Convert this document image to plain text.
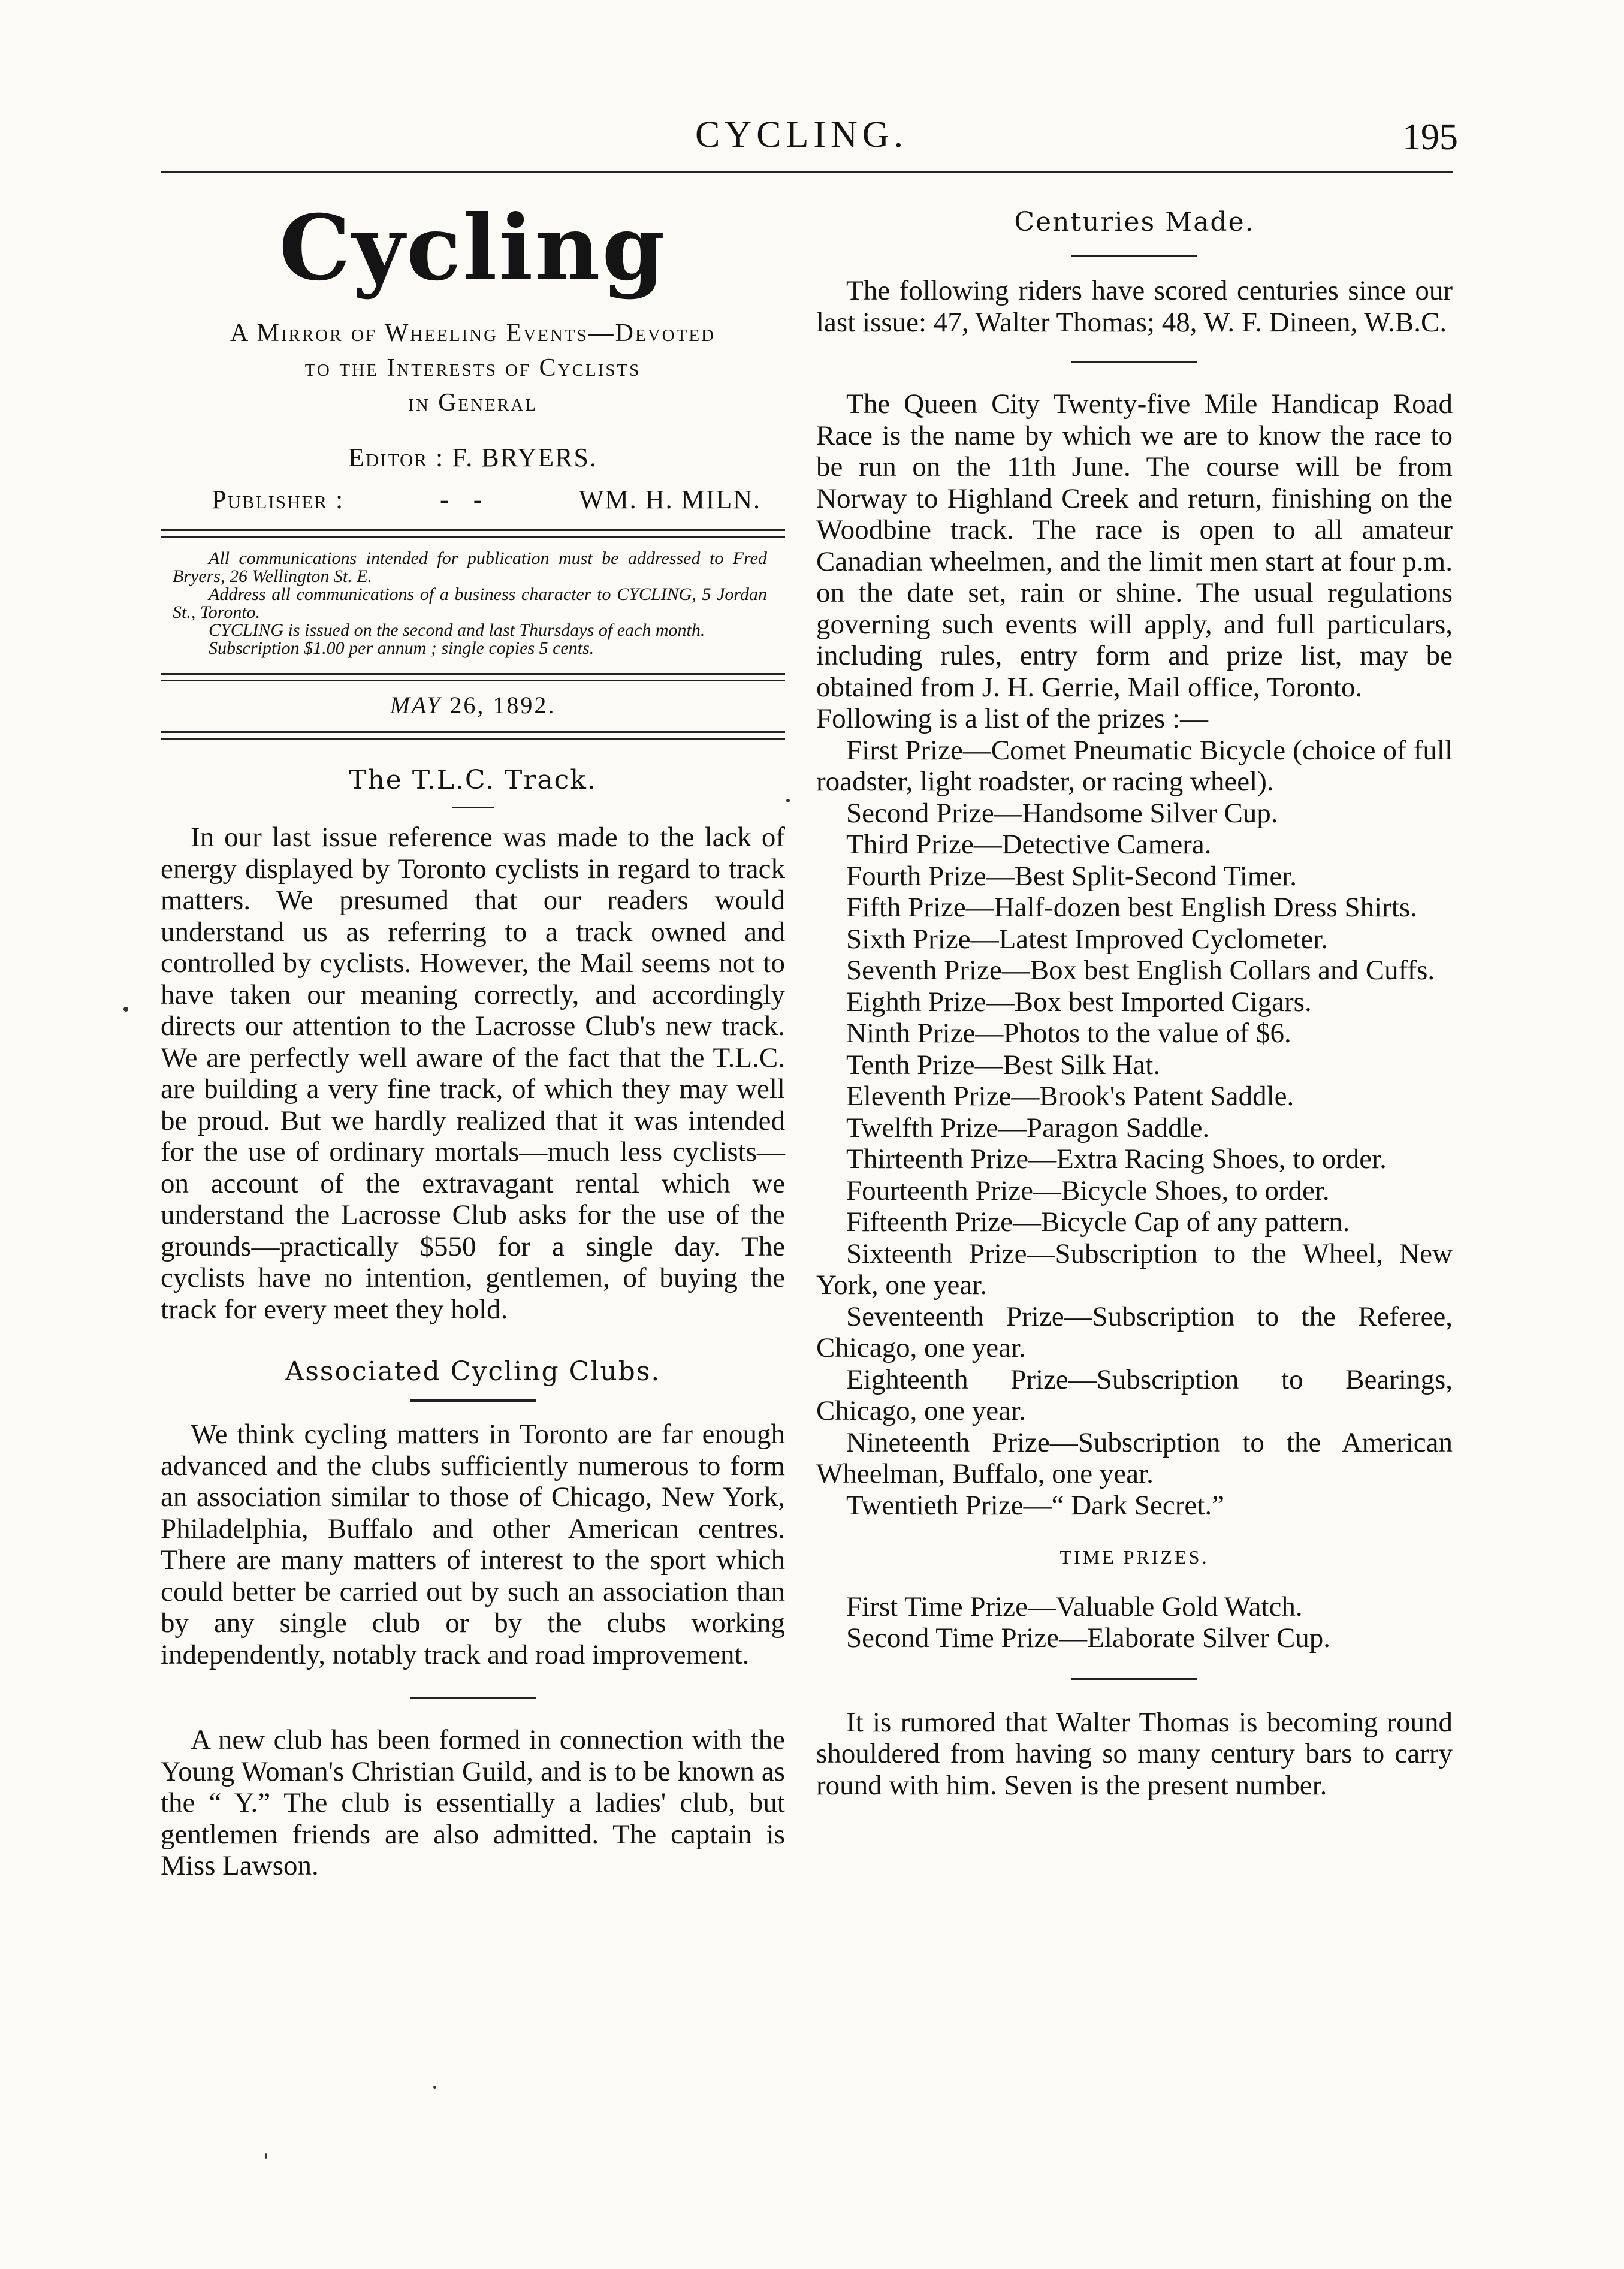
CYCLING.	195
Cycling
A Mirror of Wheeling Events—Devoted
to the Interests of Cyclists
in General
Editor : F. BRYERS.
Publisher :	-   -	WM. H. MILN.

All communications intended for publication must be addressed to Fred Bryers, 26 Wellington St. E.

Address all communications of a business character to CYCLING, 5 Jordan St., Toronto.

CYCLING is issued on the second and last Thursdays of each month.

Subscription $1.00 per annum ; single copies 5 cents.

MAY 26, 1892.
The T.L.C. Track.

In our last issue reference was made to the lack of energy displayed by Toronto cyclists in regard to track matters. We presumed that our readers would understand us as referring to a track owned and controlled by cyclists. However, the Mail seems not to have taken our meaning correctly, and accordingly directs our attention to the Lacrosse Club's new track. We are perfectly well aware of the fact that the T.L.C. are building a very fine track, of which they may well be proud. But we hardly realized that it was intended for the use of ordinary mortals—much less cyclists—on account of the extravagant rental which we understand the Lacrosse Club asks for the use of the grounds—practically $550 for a single day. The cyclists have no intention, gentlemen, of buying the track for every meet they hold.

Associated Cycling Clubs.

We think cycling matters in Toronto are far enough advanced and the clubs sufficiently numerous to form an association similar to those of Chicago, New York, Philadelphia, Buffalo and other American centres. There are many matters of interest to the sport which could better be carried out by such an association than by any single club or by the clubs working independently, notably track and road improvement.

A new club has been formed in connection with the Young Woman's Christian Guild, and is to be known as the “ Y.” The club is essentially a ladies' club, but gentlemen friends are also admitted. The captain is Miss Lawson.

Centuries Made.

The following riders have scored centuries since our last issue: 47, Walter Thomas; 48, W. F. Dineen, W.B.C.

The Queen City Twenty-five Mile Handicap Road Race is the name by which we are to know the race to be run on the 11th June. The course will be from Norway to Highland Creek and return, finishing on the Woodbine track. The race is open to all amateur Canadian wheelmen, and the limit men start at four p.m. on the date set, rain or shine. The usual regulations governing such events will apply, and full particulars, including rules, entry form and prize list, may be obtained from J. H. Gerrie, Mail office, Toronto.

Following is a list of the prizes :—

First Prize—Comet Pneumatic Bicycle (choice of full roadster, light roadster, or racing wheel).

Second Prize—Handsome Silver Cup.

Third Prize—Detective Camera.

Fourth Prize—Best Split-Second Timer.

Fifth Prize—Half-dozen best English Dress Shirts.

Sixth Prize—Latest Improved Cyclometer.

Seventh Prize—Box best English Collars and Cuffs.

Eighth Prize—Box best Imported Cigars.

Ninth Prize—Photos to the value of $6.

Tenth Prize—Best Silk Hat.

Eleventh Prize—Brook's Patent Saddle.

Twelfth Prize—Paragon Saddle.

Thirteenth Prize—Extra Racing Shoes, to order.

Fourteenth Prize—Bicycle Shoes, to order.

Fifteenth Prize—Bicycle Cap of any pattern.

Sixteenth Prize—Subscription to the Wheel, New York, one year.

Seventeenth Prize—Subscription to the Referee, Chicago, one year.

Eighteenth Prize—Subscription to Bearings, Chicago, one year.

Nineteenth Prize—Subscription to the American Wheelman, Buffalo, one year.

Twentieth Prize—“ Dark Secret.”

TIME PRIZES.

First Time Prize—Valuable Gold Watch.

Second Time Prize—Elaborate Silver Cup.

It is rumored that Walter Thomas is becoming round shouldered from having so many century bars to carry round with him. Seven is the present number.
